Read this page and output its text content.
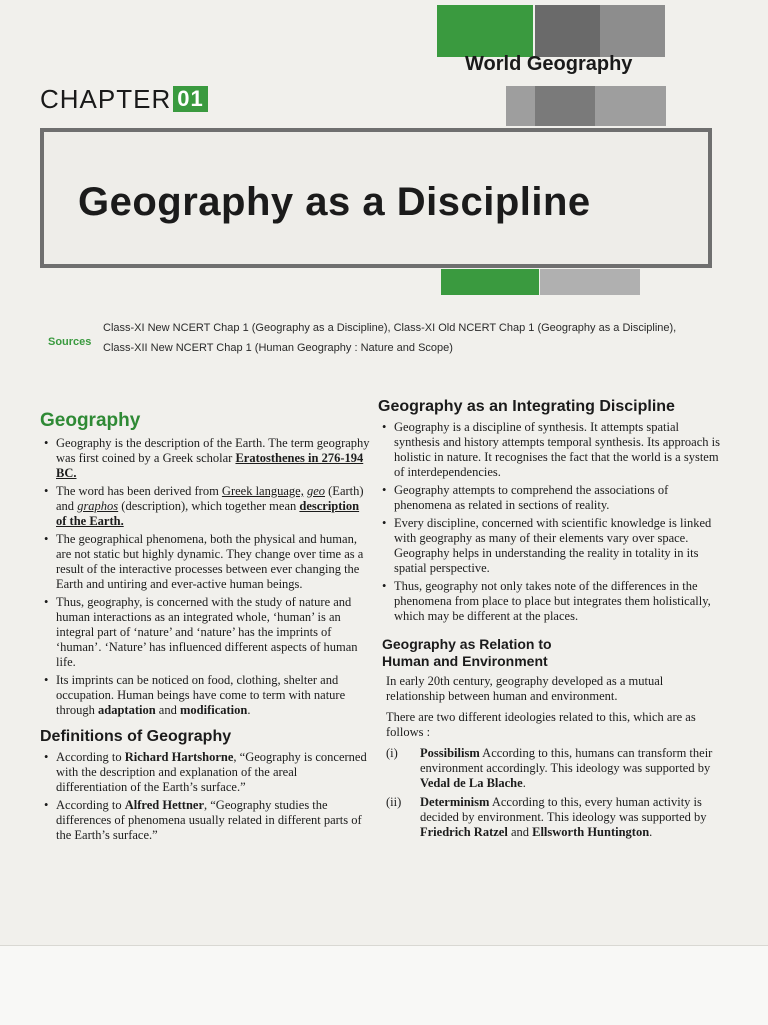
World Geography
CHAPTER 01
Geography as a Discipline
Sources
Class-XI New NCERT Chap 1 (Geography as a Discipline), Class-XI Old NCERT Chap 1 (Geography as a Discipline),
Class-XII New NCERT Chap 1 (Human Geography : Nature and Scope)
Geography
• Geography is the description of the Earth. The term geography was first coined by a Greek scholar Eratosthenes in 276-194 BC.
• The word has been derived from Greek language, geo (Earth) and graphos (description), which together mean description of the Earth.
• The geographical phenomena, both the physical and human, are not static but highly dynamic. They change over time as a result of the interactive processes between ever changing the Earth and untiring and ever-active human beings.
• Thus, geography, is concerned with the study of nature and human interactions as an integrated whole, ‘human’ is an integral part of ‘nature’ and ‘nature’ has the imprints of ‘human’. ‘Nature’ has influenced different aspects of human life.
• Its imprints can be noticed on food, clothing, shelter and occupation. Human beings have come to term with nature through adaptation and modification.
Definitions of Geography
• According to Richard Hartshorne, “Geography is concerned with the description and explanation of the areal differentiation of the Earth’s surface.”
• According to Alfred Hettner, “Geography studies the differences of phenomena usually related in different parts of the Earth’s surface.”
Geography as an Integrating Discipline
• Geography is a discipline of synthesis. It attempts spatial synthesis and history attempts temporal synthesis. Its approach is holistic in nature. It recognises the fact that the world is a system of interdependencies.
• Geography attempts to comprehend the associations of phenomena as related in sections of reality.
• Every discipline, concerned with scientific knowledge is linked with geography as many of their elements vary over space. Geography helps in understanding the reality in totality in its spatial perspective.
• Thus, geography not only takes note of the differences in the phenomena from place to place but integrates them holistically, which may be different at the places.
Geography as Relation to
Human and Environment

In early 20th century, geography developed as a mutual relationship between human and environment.

There are two different ideologies related to this, which are as follows :

(i) Possibilism According to this, humans can transform their environment accordingly. This ideology was supported by Vedal de La Blache.
(ii) Determinism According to this, every human activity is decided by environment. This ideology was supported by Friedrich Ratzel and Ellsworth Huntington.
